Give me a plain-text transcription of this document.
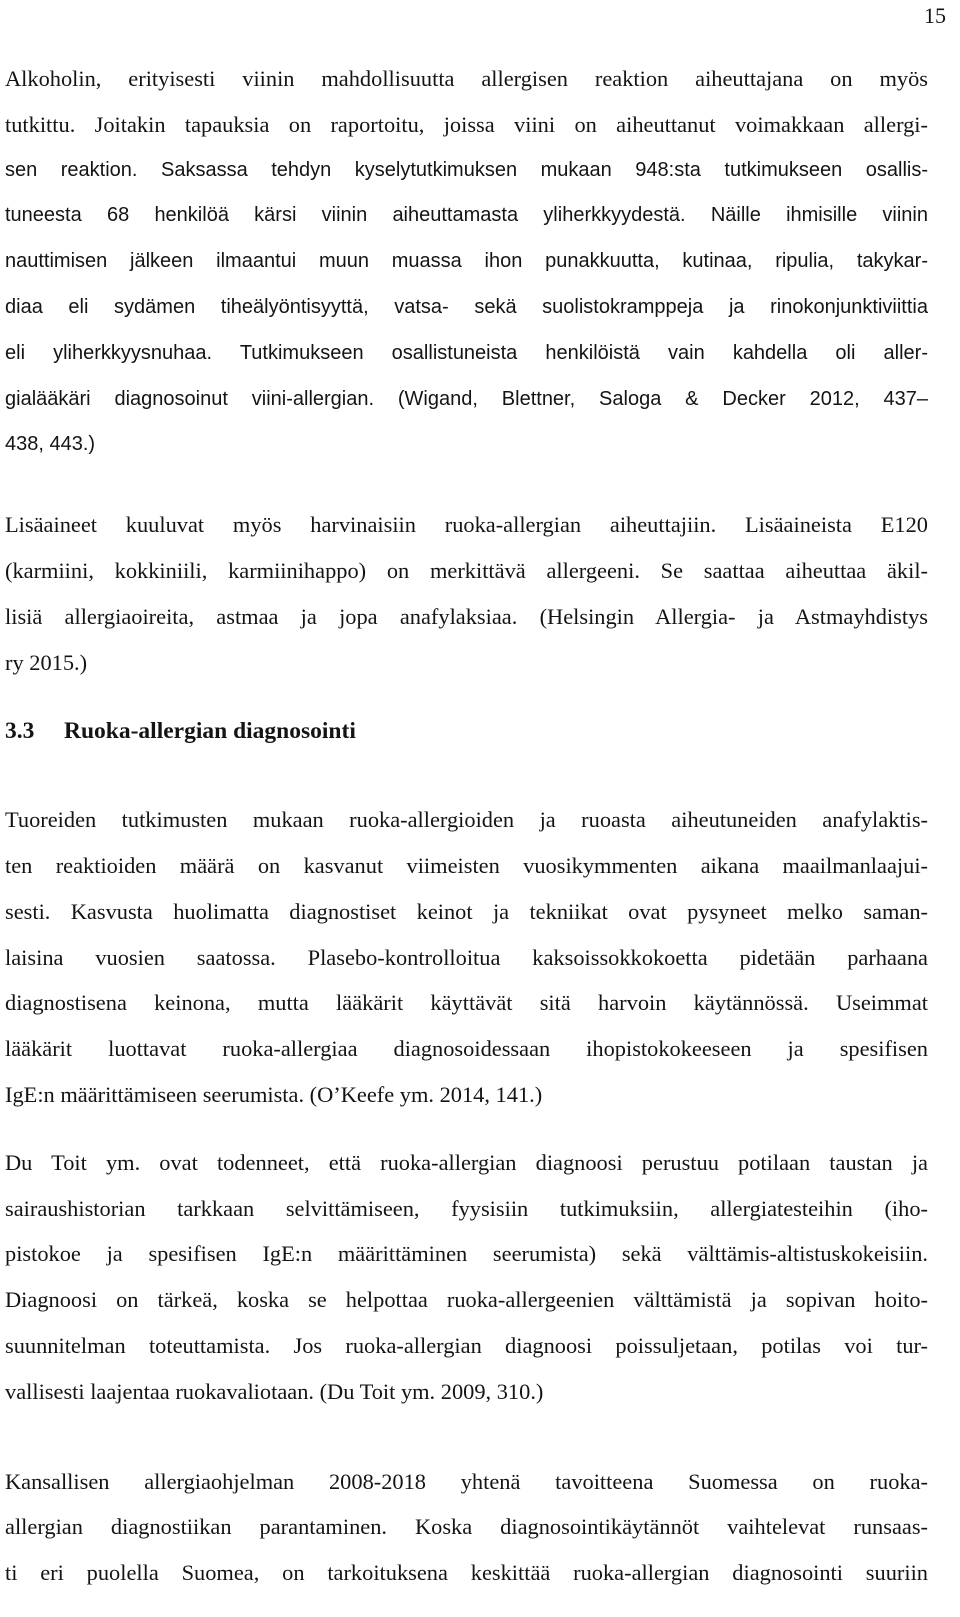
15

Alkoholin, erityisesti viinin mahdollisuutta allergisen reaktion aiheuttajana on myös
tutkittu. Joitakin tapauksia on raportoitu, joissa viini on aiheuttanut voimakkaan allergi-
sen reaktion. Saksassa tehdyn kyselytutkimuksen mukaan 948:sta tutkimukseen osallis-
tuneesta 68 henkilöä kärsi viinin aiheuttamasta yliherkkyydestä. Näille ihmisille viinin
nauttimisen jälkeen ilmaantui muun muassa ihon punakkuutta, kutinaa, ripulia, takykar-
diaa eli sydämen tiheälyöntisyyttä, vatsa- sekä suolistokramppeja ja rinokonjunktiviittia
eli yliherkkyysnuhaa. Tutkimukseen osallistuneista henkilöistä vain kahdella oli aller-
gialääkäri diagnosoinut viini-allergian. (Wigand, Blettner, Saloga & Decker 2012, 437–
438, 443.)

Lisäaineet kuuluvat myös harvinaisiin ruoka-allergian aiheuttajiin. Lisäaineista E120
(karmiini, kokkiniili, karmiinihappo) on merkittävä allergeeni. Se saattaa aiheuttaa äkil-
lisiä allergiaoireita, astmaa ja jopa anafylaksiaa. (Helsingin Allergia- ja Astmayhdistys
ry 2015.)

3.3 Ruoka-allergian diagnosointi

Tuoreiden tutkimusten mukaan ruoka-allergioiden ja ruoasta aiheutuneiden anafylaktis-
ten reaktioiden määrä on kasvanut viimeisten vuosikymmenten aikana maailmanlaajui-
sesti. Kasvusta huolimatta diagnostiset keinot ja tekniikat ovat pysyneet melko saman-
laisina vuosien saatossa. Plasebo-kontrolloitua kaksoissokkokoetta pidetään parhaana
diagnostisena keinona, mutta lääkärit käyttävät sitä harvoin käytännössä. Useimmat
lääkärit luottavat ruoka-allergiaa diagnosoidessaan ihopistokokeeseen ja spesifisen
IgE:n määrittämiseen seerumista. (O’Keefe ym. 2014, 141.)

Du Toit ym. ovat todenneet, että ruoka-allergian diagnoosi perustuu potilaan taustan ja
sairaushistorian tarkkaan selvittämiseen, fyysisiin tutkimuksiin, allergiatesteihin (iho-
pistokoe ja spesifisen IgE:n määrittäminen seerumista) sekä välttämis-altistuskokeisiin.
Diagnoosi on tärkeä, koska se helpottaa ruoka-allergeenien välttämistä ja sopivan hoito-
suunnitelman toteuttamista. Jos ruoka-allergian diagnoosi poissuljetaan, potilas voi tur-
vallisesti laajentaa ruokavaliotaan. (Du Toit ym. 2009, 310.)

Kansallisen allergiaohjelman 2008-2018 yhtenä tavoitteena Suomessa on ruoka-
allergian diagnostiikan parantaminen. Koska diagnosointikäytännöt vaihtelevat runsaas-
ti eri puolella Suomea, on tarkoituksena keskittää ruoka-allergian diagnosointi suuriin
